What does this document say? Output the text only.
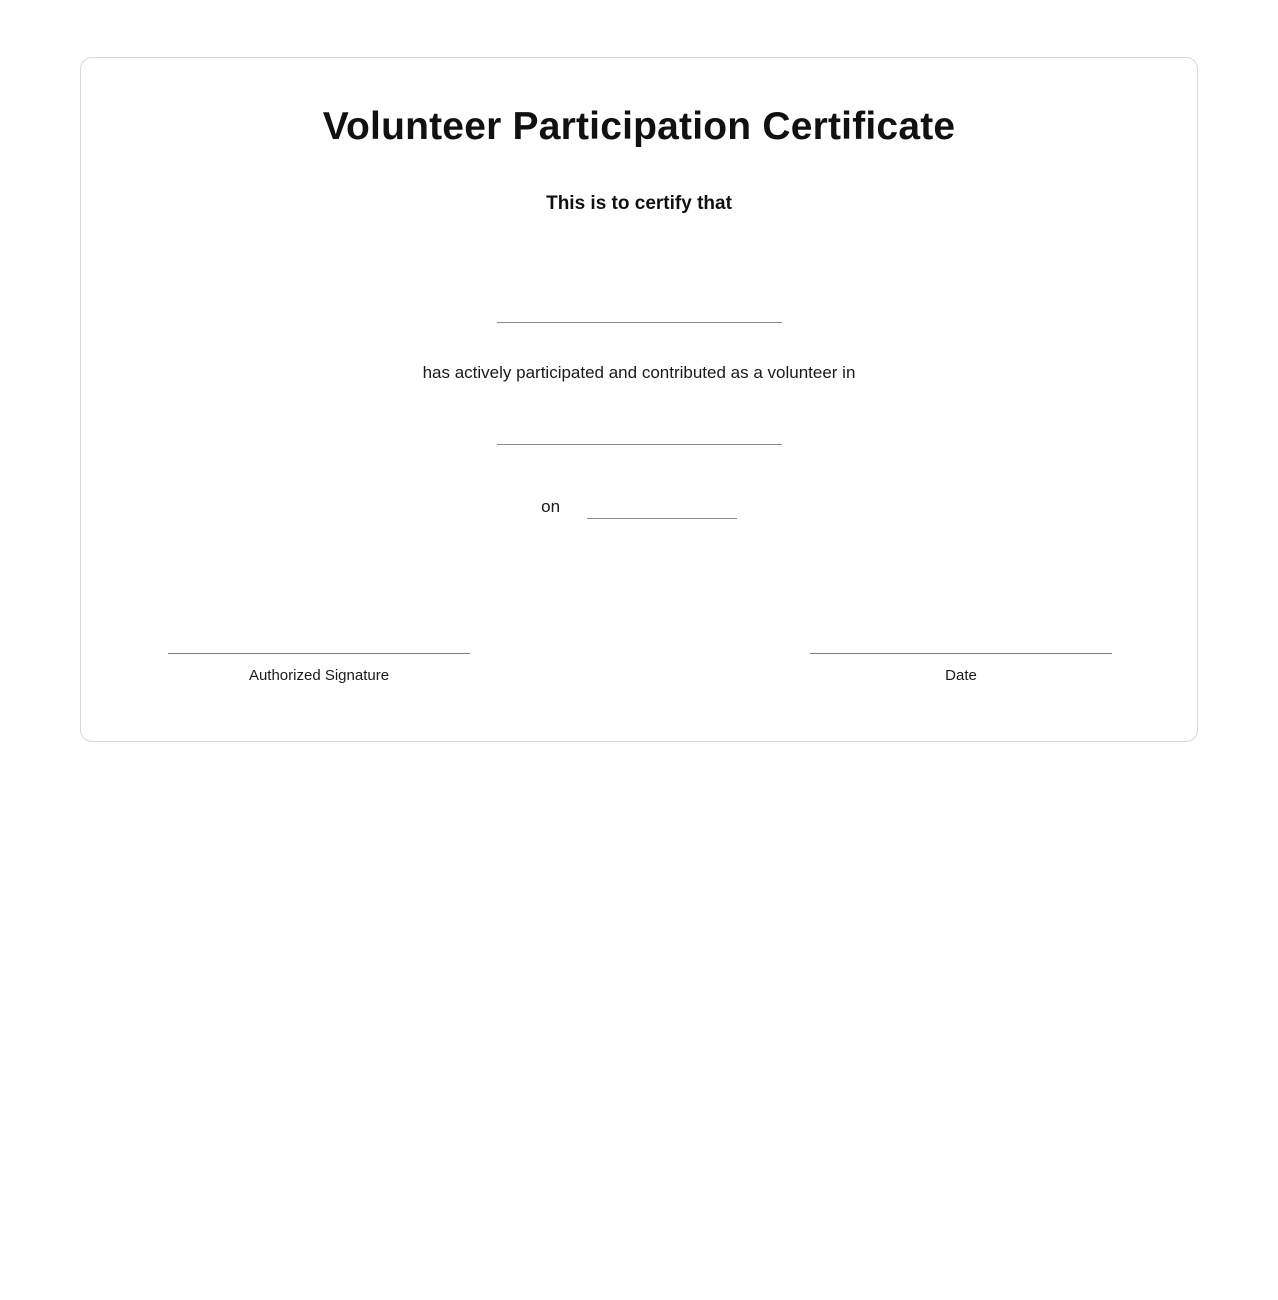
Volunteer Participation Certificate
This is to certify that
has actively participated and contributed as a volunteer in
on
Authorized Signature	Date
